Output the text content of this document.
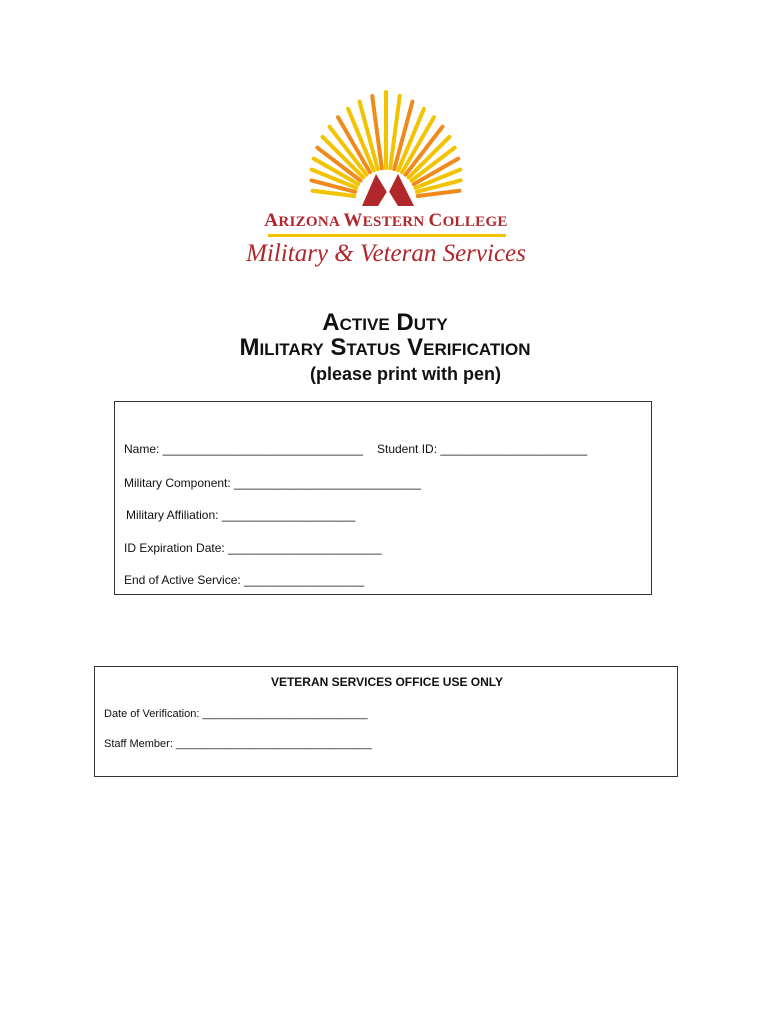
ARIZONA WESTERN COLLEGE
Military & Veteran Services
Active Duty
Military Status Verification
(please print with pen)
Name: ______________________________ Student ID: ______________________
Military Component: ____________________________
Military Affiliation: ____________________
ID Expiration Date: _______________________
End of Active Service: __________________
VETERAN SERVICES OFFICE USE ONLY
Date of Verification: ___________________________
Staff Member: ________________________________
